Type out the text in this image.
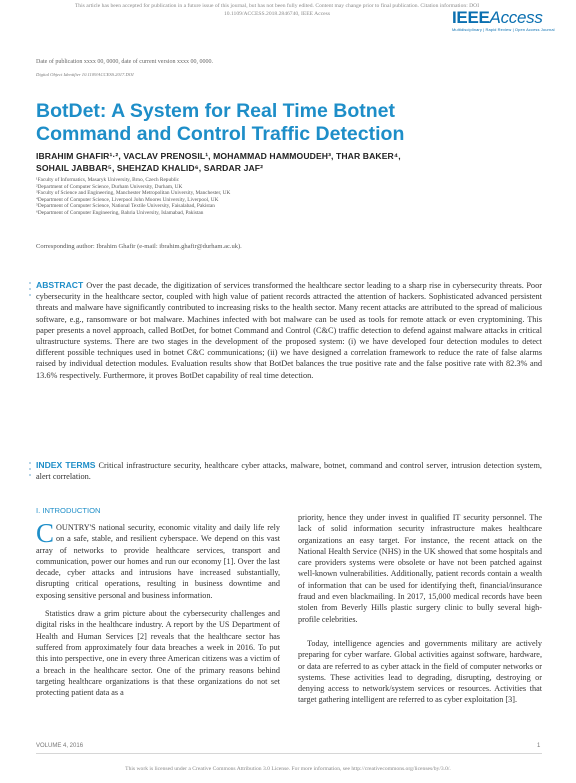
This article has been accepted for publication in a future issue of this journal, but has not been fully edited. Content may change prior to final publication. Citation information: DOI
10.1109/ACCESS.2018.2846740, IEEE Access	IEEEAccess
Multidisciplinary | Rapid Review | Open Access Journal
Date of publication xxxx 00, 0000, date of current version xxxx 00, 0000.
Digital Object Identifier 10.1109/ACCESS.2017.DOI
BotDet: A System for Real Time Botnet
Command and Control Traffic Detection
IBRAHIM GHAFIR¹·², VACLAV PRENOSIL¹, MOHAMMAD HAMMOUDEH³, THAR BAKER⁴,
SOHAIL JABBAR⁵, SHEHZAD KHALID⁶, SARDAR JAF²
¹Faculty of Informatics, Masaryk University, Brno, Czech Republic
²Department of Computer Science, Durham University, Durham, UK
³Faculty of Science and Engineering, Manchester Metropolitan University, Manchester, UK
⁴Department of Computer Science, Liverpool John Moores University, Liverpool, UK
⁵Department of Computer Science, National Textile University, Faisalabad, Pakistan
⁶Department of Computer Engineering, Bahria University, Islamabad, Pakistan
Corresponding author: Ibrahim Ghafir (e-mail: ibrahim.ghafir@durham.ac.uk).
ABSTRACT Over the past decade, the digitization of services transformed the healthcare sector leading to a sharp rise in cybersecurity threats. Poor cybersecurity in the healthcare sector, coupled with high value of patient records attracted the attention of hackers. Sophisticated advanced persistent threats and malware have significantly contributed to increasing risks to the health sector. Many recent attacks are attributed to the spread of malicious software, e.g., ransomware or bot malware. Machines infected with bot malware can be used as tools for remote attack or even cryptomining. This paper presents a novel approach, called BotDet, for botnet Command and Control (C&C) traffic detection to defend against malware attacks in critical ultrastructure systems. There are two stages in the development of the proposed system: (i) we have developed four detection modules to detect different possible techniques used in botnet C&C communications; (ii) we have designed a correlation framework to reduce the rate of false alarms raised by individual detection modules. Evaluation results show that BotDet balances the true positive rate and the false positive rate with 82.3% and 13.6% respectively. Furthermore, it proves BotDet capability of real time detection.
INDEX TERMS Critical infrastructure security, healthcare cyber attacks, malware, botnet, command and control server, intrusion detection system, alert correlation.
I. INTRODUCTION

COUNTRY'S national security, economic vitality and daily life rely on a safe, stable, and resilient cyberspace. We depend on this vast array of networks to provide healthcare services, transport and communication, power our homes and run our economy [1]. Over the last decade, cyber attacks and intrusions have increased substantially, disrupting critical operations, resulting in business downtime and exposing sensitive personal and business information.

Statistics draw a grim picture about the cybersecurity challenges and digital risks in the healthcare industry. A report by the US Department of Health and Human Services [2] reveals that the healthcare sector has suffered from approximately four data breaches a week in 2016. To put this into perspective, one in every three American citizens was a victim of a breach in the healthcare sector. One of the primary reasons behind targeting healthcare organizations is that these organizations do not set protecting patient data as a

priority, hence they under invest in qualified IT security personnel. The lack of solid information security infrastructure makes healthcare organizations an easy target. For instance, the recent attack on the National Health Service (NHS) in the UK showed that some hospitals and care providers systems were obsolete or have not been patched against well-known vulnerabilities. Additionally, patient records contain a wealth of information that can be used for identifying theft, financial/insurance fraud and even blackmailing. In 2017, 15,000 medical records have been stolen from Beverly Hills plastic surgery clinic to bully several high-profile celebrities.

Today, intelligence agencies and governments military are actively preparing for cyber warfare. Global activities against software, hardware, or data are referred to as cyber attack in the field of computer networks or systems. These activities lead to degrading, disrupting, destroying or denying access to network/system services or resources. Activities that target gathering intelligent are referred to as cyber exploitation [3].

VOLUME 4, 2016	1
This work is licensed under a Creative Commons Attribution 3.0 License. For more information, see http://creativecommons.org/licenses/by/3.0/.
